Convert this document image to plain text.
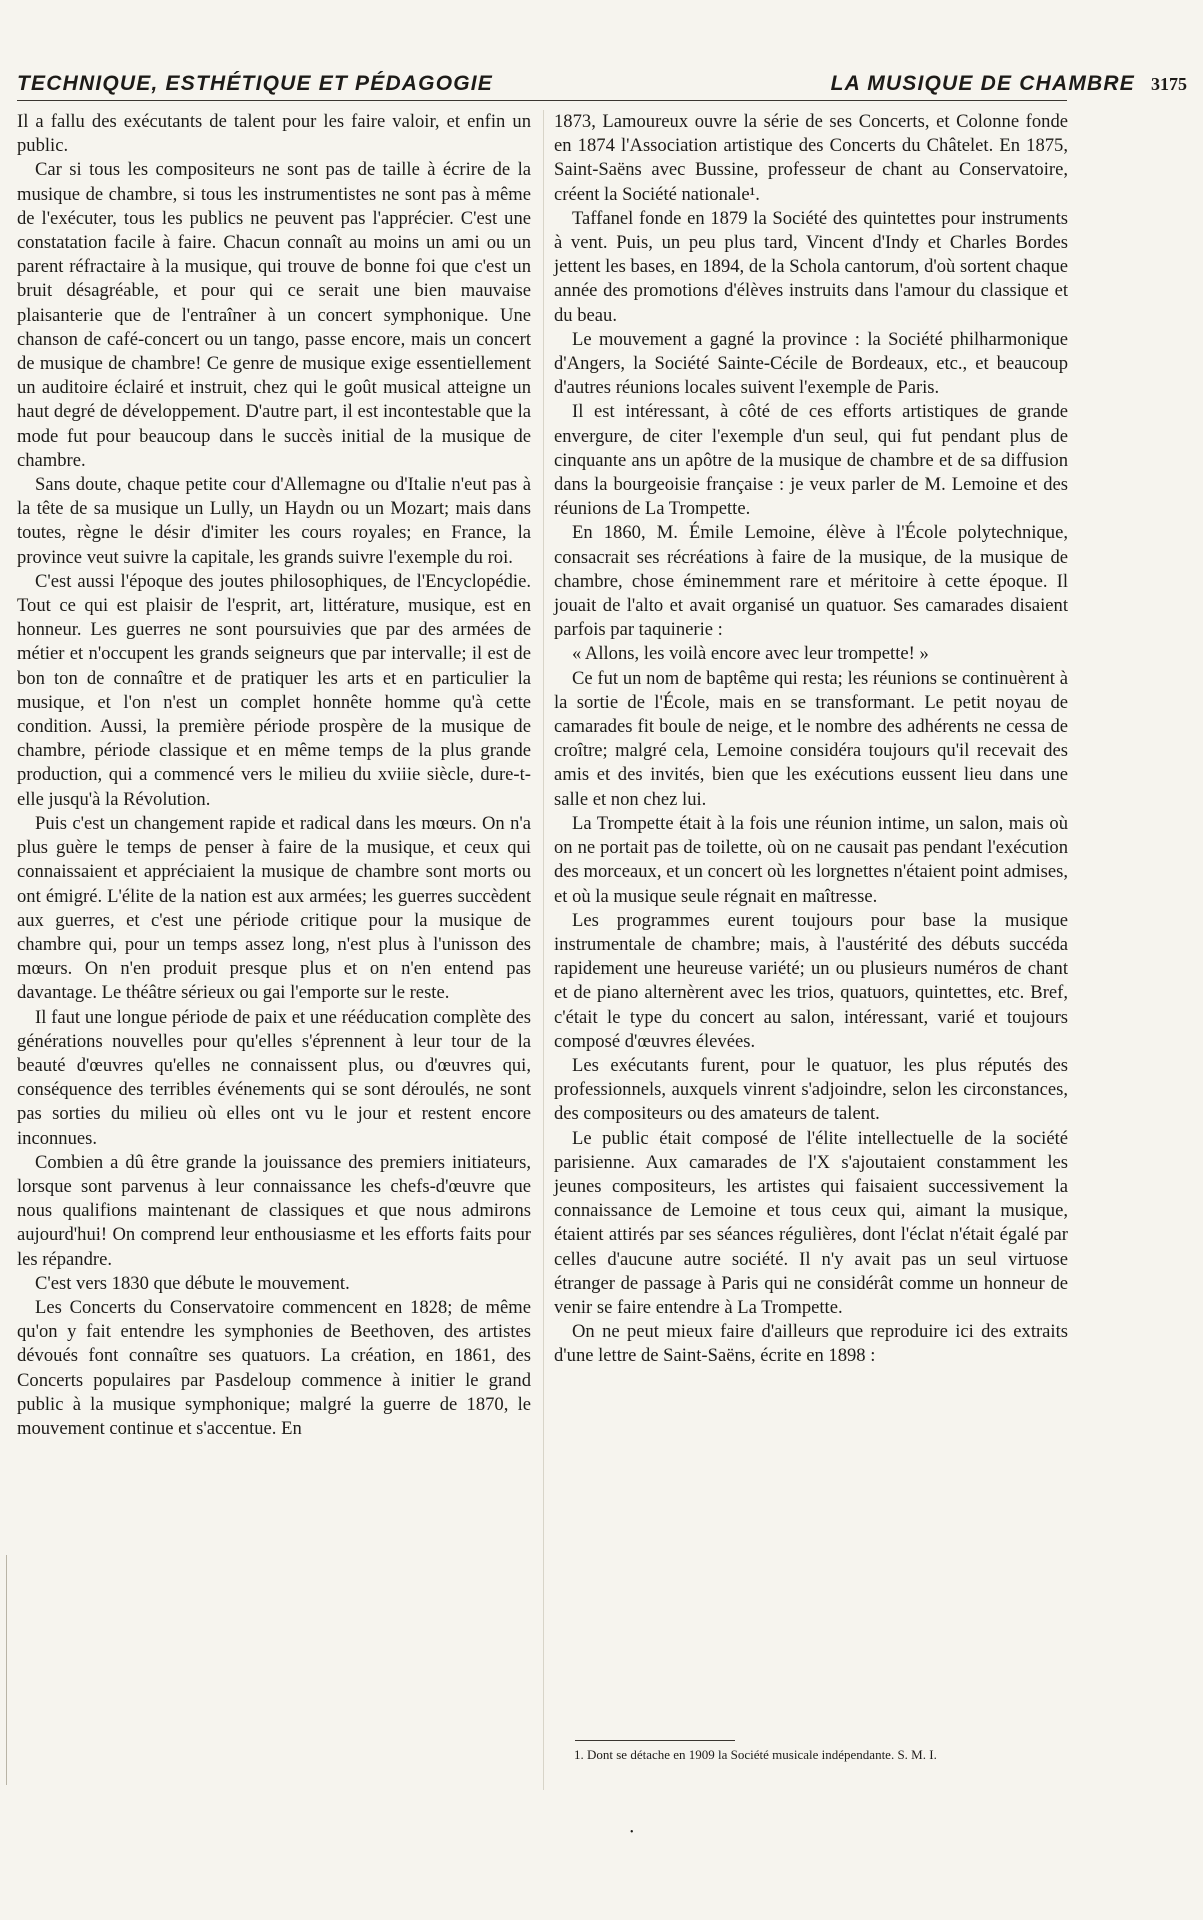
TECHNIQUE, ESTHÉTIQUE ET PÉDAGOGIE	LA MUSIQUE DE CHAMBRE 3175

Il a fallu des exécutants de talent pour les faire valoir, et enfin un public.

Car si tous les compositeurs ne sont pas de taille à écrire de la musique de chambre, si tous les instrumentistes ne sont pas à même de l'exécuter, tous les publics ne peuvent pas l'apprécier. C'est une constatation facile à faire. Chacun connaît au moins un ami ou un parent réfractaire à la musique, qui trouve de bonne foi que c'est un bruit désagréable, et pour qui ce serait une bien mauvaise plaisanterie que de l'entraîner à un concert symphonique. Une chanson de café-concert ou un tango, passe encore, mais un concert de musique de chambre! Ce genre de musique exige essentiellement un auditoire éclairé et instruit, chez qui le goût musical atteigne un haut degré de développement. D'autre part, il est incontestable que la mode fut pour beaucoup dans le succès initial de la musique de chambre.

Sans doute, chaque petite cour d'Allemagne ou d'Italie n'eut pas à la tête de sa musique un Lully, un Haydn ou un Mozart; mais dans toutes, règne le désir d'imiter les cours royales; en France, la province veut suivre la capitale, les grands suivre l'exemple du roi.

C'est aussi l'époque des joutes philosophiques, de l'Encyclopédie. Tout ce qui est plaisir de l'esprit, art, littérature, musique, est en honneur. Les guerres ne sont poursuivies que par des armées de métier et n'occupent les grands seigneurs que par intervalle; il est de bon ton de connaître et de pratiquer les arts et en particulier la musique, et l'on n'est un complet honnête homme qu'à cette condition. Aussi, la première période prospère de la musique de chambre, période classique et en même temps de la plus grande production, qui a commencé vers le milieu du xviiie siècle, dure-t-elle jusqu'à la Révolution.

Puis c'est un changement rapide et radical dans les mœurs. On n'a plus guère le temps de penser à faire de la musique, et ceux qui connaissaient et appréciaient la musique de chambre sont morts ou ont émigré. L'élite de la nation est aux armées; les guerres succèdent aux guerres, et c'est une période critique pour la musique de chambre qui, pour un temps assez long, n'est plus à l'unisson des mœurs. On n'en produit presque plus et on n'en entend pas davantage. Le théâtre sérieux ou gai l'emporte sur le reste.

Il faut une longue période de paix et une rééducation complète des générations nouvelles pour qu'elles s'éprennent à leur tour de la beauté d'œuvres qu'elles ne connaissent plus, ou d'œuvres qui, conséquence des terribles événements qui se sont déroulés, ne sont pas sorties du milieu où elles ont vu le jour et restent encore inconnues.

Combien a dû être grande la jouissance des premiers initiateurs, lorsque sont parvenus à leur connaissance les chefs-d'œuvre que nous qualifions maintenant de classiques et que nous admirons aujourd'hui! On comprend leur enthousiasme et les efforts faits pour les répandre.

C'est vers 1830 que débute le mouvement.

Les Concerts du Conservatoire commencent en 1828; de même qu'on y fait entendre les symphonies de Beethoven, des artistes dévoués font connaître ses quatuors. La création, en 1861, des Concerts populaires par Pasdeloup commence à initier le grand public à la musique symphonique; malgré la guerre de 1870, le mouvement continue et s'accentue. En

1873, Lamoureux ouvre la série de ses Concerts, et Colonne fonde en 1874 l'Association artistique des Concerts du Châtelet. En 1875, Saint-Saëns avec Bussine, professeur de chant au Conservatoire, créent la Société nationale¹.

Taffanel fonde en 1879 la Société des quintettes pour instruments à vent. Puis, un peu plus tard, Vincent d'Indy et Charles Bordes jettent les bases, en 1894, de la Schola cantorum, d'où sortent chaque année des promotions d'élèves instruits dans l'amour du classique et du beau.

Le mouvement a gagné la province : la Société philharmonique d'Angers, la Société Sainte-Cécile de Bordeaux, etc., et beaucoup d'autres réunions locales suivent l'exemple de Paris.

Il est intéressant, à côté de ces efforts artistiques de grande envergure, de citer l'exemple d'un seul, qui fut pendant plus de cinquante ans un apôtre de la musique de chambre et de sa diffusion dans la bourgeoisie française : je veux parler de M. Lemoine et des réunions de La Trompette.

En 1860, M. Émile Lemoine, élève à l'École polytechnique, consacrait ses récréations à faire de la musique, de la musique de chambre, chose éminemment rare et méritoire à cette époque. Il jouait de l'alto et avait organisé un quatuor. Ses camarades disaient parfois par taquinerie :

« Allons, les voilà encore avec leur trompette! »

Ce fut un nom de baptême qui resta; les réunions se continuèrent à la sortie de l'École, mais en se transformant. Le petit noyau de camarades fit boule de neige, et le nombre des adhérents ne cessa de croître; malgré cela, Lemoine considéra toujours qu'il recevait des amis et des invités, bien que les exécutions eussent lieu dans une salle et non chez lui.

La Trompette était à la fois une réunion intime, un salon, mais où on ne portait pas de toilette, où on ne causait pas pendant l'exécution des morceaux, et un concert où les lorgnettes n'étaient point admises, et où la musique seule régnait en maîtresse.

Les programmes eurent toujours pour base la musique instrumentale de chambre; mais, à l'austérité des débuts succéda rapidement une heureuse variété; un ou plusieurs numéros de chant et de piano alternèrent avec les trios, quatuors, quintettes, etc. Bref, c'était le type du concert au salon, intéressant, varié et toujours composé d'œuvres élevées.

Les exécutants furent, pour le quatuor, les plus réputés des professionnels, auxquels vinrent s'adjoindre, selon les circonstances, des compositeurs ou des amateurs de talent.

Le public était composé de l'élite intellectuelle de la société parisienne. Aux camarades de l'X s'ajoutaient constamment les jeunes compositeurs, les artistes qui faisaient successivement la connaissance de Lemoine et tous ceux qui, aimant la musique, étaient attirés par ses séances régulières, dont l'éclat n'était égalé par celles d'aucune autre société. Il n'y avait pas un seul virtuose étranger de passage à Paris qui ne considérât comme un honneur de venir se faire entendre à La Trompette.

On ne peut mieux faire d'ailleurs que reproduire ici des extraits d'une lettre de Saint-Saëns, écrite en 1898 :

1. Dont se détache en 1909 la Société musicale indépendante. S. M. I.
•
